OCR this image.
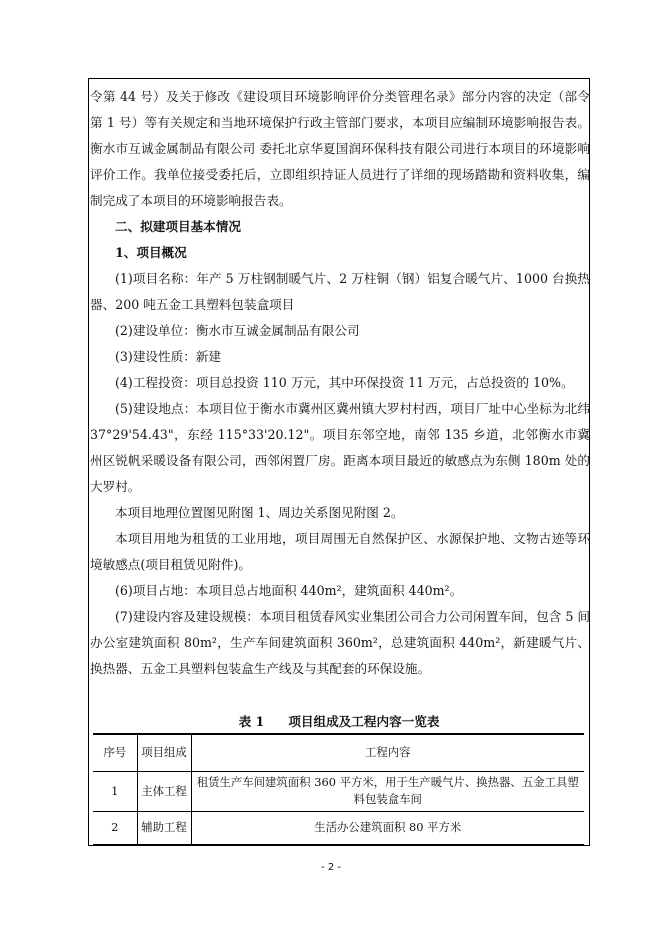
令第 44 号）及关于修改《建设项目环境影响评价分类管理名录》部分内容的决定（部令 第 1 号）等有关规定和当地环境保护行政主管部门要求，本项目应编制环境影响报告表。衡水市互诚金属制品有限公司 委托北京华夏国润环保科技有限公司进行本项目的环境影响评价工作。我单位接受委托后，立即组织持证人员进行了详细的现场踏勘和资料收集，编制完成了本项目的环境影响报告表。

二、拟建项目基本情况

1、项目概况

(1)项目名称：年产 5 万柱钢制暖气片、2 万柱铜（钢）铝复合暖气片、1000 台换热器、200 吨五金工具塑料包装盒项目

(2)建设单位：衡水市互诚金属制品有限公司

(3)建设性质：新建

(4)工程投资：项目总投资 110 万元，其中环保投资 11 万元，占总投资的 10%。

(5)建设地点：本项目位于衡水市冀州区冀州镇大罗村村西，项目厂址中心坐标为北纬 37°29'54.43"，东经 115°33'20.12"。项目东邻空地，南邻 135 乡道，北邻衡水市冀州区锐帆采暖设备有限公司，西邻闲置厂房。距离本项目最近的敏感点为东侧 180m 处的大罗村。

本项目地理位置图见附图 1、周边关系图见附图 2。

本项目用地为租赁的工业用地，项目周围无自然保护区、水源保护地、文物古迹等环境敏感点(项目租赁见附件)。

(6)项目占地：本项目总占地面积 440m²，建筑面积 440m²。

(7)建设内容及建设规模：本项目租赁春风实业集团公司合力公司闲置车间，包含 5 间办公室建筑面积 80m²，生产车间建筑面积 360m²，总建筑面积 440m²，新建暖气片、换热器、五金工具塑料包装盒生产线及与其配套的环保设施。

表 1 项目组成及工程内容一览表
序号	项目组成	工程内容
1	主体工程	租赁生产车间建筑面积 360 平方米，用于生产暖气片、换热器、五金工具塑料包装盒车间
2	辅助工程	生活办公建筑面积 80 平方米
- 2 -
